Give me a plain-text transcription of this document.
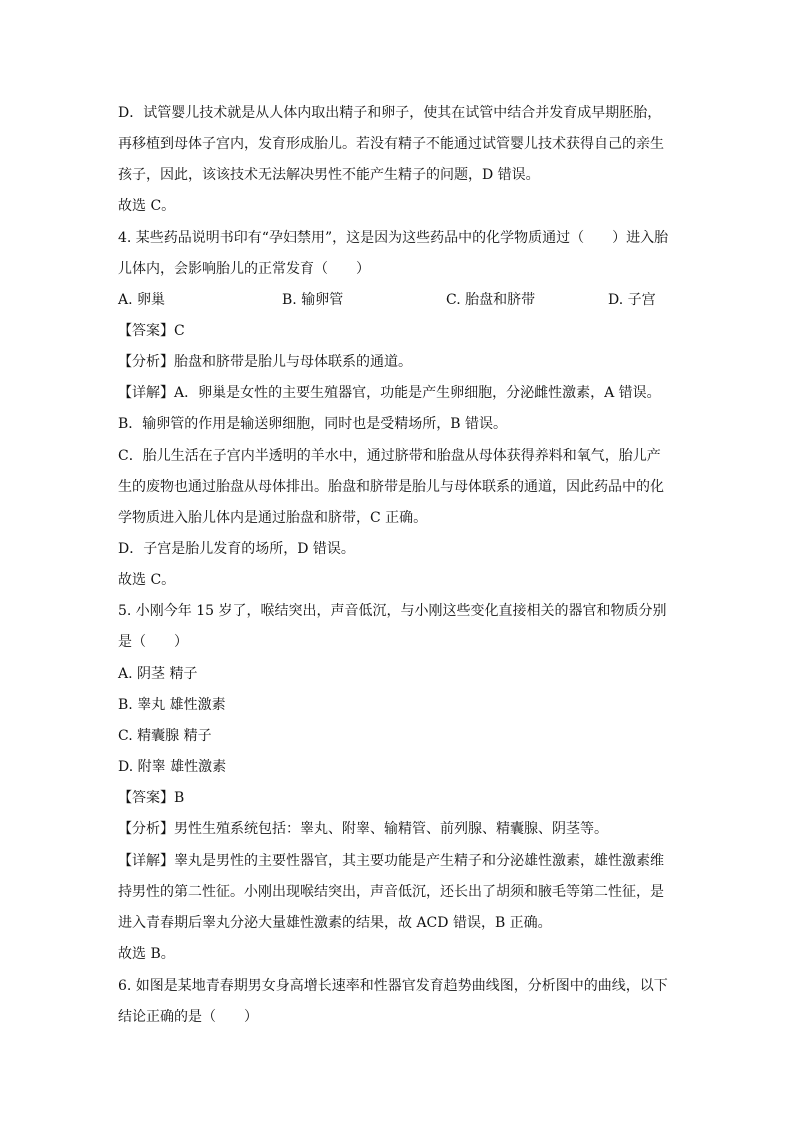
D．试管婴儿技术就是从人体内取出精子和卵子，使其在试管中结合并发育成早期胚胎，
再移植到母体子宫内，发育形成胎儿。若没有精子不能通过试管婴儿技术获得自己的亲生
孩子，因此，该该技术无法解决男性不能产生精子的问题，D 错误。
故选 C。
4. 某些药品说明书印有“孕妇禁用”，这是因为这些药品中的化学物质通过（　　）进入胎
儿体内，会影响胎儿的正常发育（　　）
A. 卵巢	B. 输卵管	C. 胎盘和脐带	D. 子宫
【答案】C
【分析】胎盘和脐带是胎儿与母体联系的通道。
【详解】A．卵巢是女性的主要生殖器官，功能是产生卵细胞，分泌雌性激素，A 错误。
B．输卵管的作用是输送卵细胞，同时也是受精场所，B 错误。
C．胎儿生活在子宫内半透明的羊水中，通过脐带和胎盘从母体获得养料和氧气，胎儿产
生的废物也通过胎盘从母体排出。胎盘和脐带是胎儿与母体联系的通道，因此药品中的化
学物质进入胎儿体内是通过胎盘和脐带，C 正确。
D．子宫是胎儿发育的场所，D 错误。
故选 C。
5. 小刚今年 15 岁了，喉结突出，声音低沉，与小刚这些变化直接相关的器官和物质分别
是（　　）
A. 阴茎 精子
B. 睾丸 雄性激素
C. 精囊腺 精子
D. 附睾 雄性激素
【答案】B
【分析】男性生殖系统包括：睾丸、附睾、输精管、前列腺、精囊腺、阴茎等。
【详解】睾丸是男性的主要性器官，其主要功能是产生精子和分泌雄性激素，雄性激素维
持男性的第二性征。小刚出现喉结突出，声音低沉，还长出了胡须和腋毛等第二性征，是
进入青春期后睾丸分泌大量雄性激素的结果，故 ACD 错误，B 正确。
故选 B。
6. 如图是某地青春期男女身高增长速率和性器官发育趋势曲线图，分析图中的曲线，以下
结论正确的是（　　）
